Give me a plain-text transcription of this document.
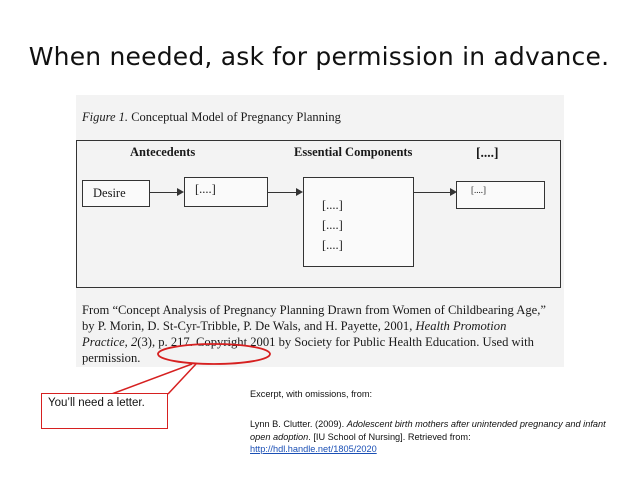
When needed, ask for permission in advance.
Figure 1. Conceptual Model of Pregnancy Planning
Antecedents	Essential Components	[....]
Desire	[....]
[....]
[....]
[....]
[....]
From “Concept Analysis of Pregnancy Planning Drawn from Women of Childbearing Age,” by P. Morin, D. St-Cyr-Tribble, P. De Wals, and H. Payette, 2001, Health Promotion Practice, 2(3), p. 217. Copyright 2001 by Society for Public Health Education. Used with permission.
You’ll need a letter.
Excerpt, with omissions, from:
Lynn B. Clutter. (2009). Adolescent birth mothers after unintended pregnancy and infant open adoption. [IU School of Nursing]. Retrieved from:
http://hdl.handle.net/1805/2020
